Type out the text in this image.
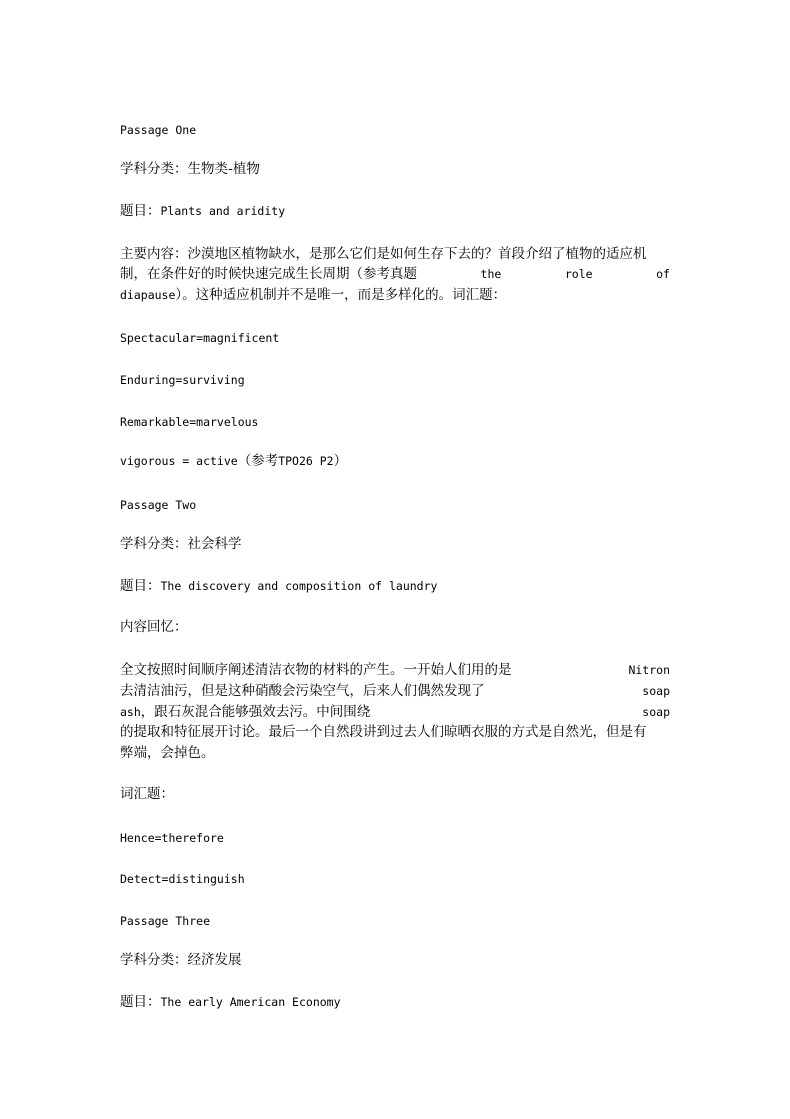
Passage One
学科分类：生物类-植物
题目：Plants and aridity
主要内容：沙漠地区植物缺水，是那么它们是如何生存下去的？首段介绍了植物的适应机
制，在条件好的时候快速完成生长周期（参考真题	the	role	of
diapause）。这种适应机制并不是唯一，而是多样化的。词汇题：
Spectacular=magnificent
Enduring=surviving
Remarkable=marvelous
vigorous = active（参考TPO26 P2）
Passage Two
学科分类：社会科学
题目：The discovery and composition of laundry
内容回忆：
全文按照时间顺序阐述清洁衣物的材料的产生。一开始人们用的是	Nitron
去清洁油污，但是这种硝酸会污染空气，后来人们偶然发现了	soap
ash，跟石灰混合能够强效去污。中间围绕	soap
的提取和特征展开讨论。最后一个自然段讲到过去人们晾晒衣服的方式是自然光，但是有
弊端，会掉色。
词汇题：
Hence=therefore
Detect=distinguish
Passage Three
学科分类：经济发展
题目：The early American Economy
